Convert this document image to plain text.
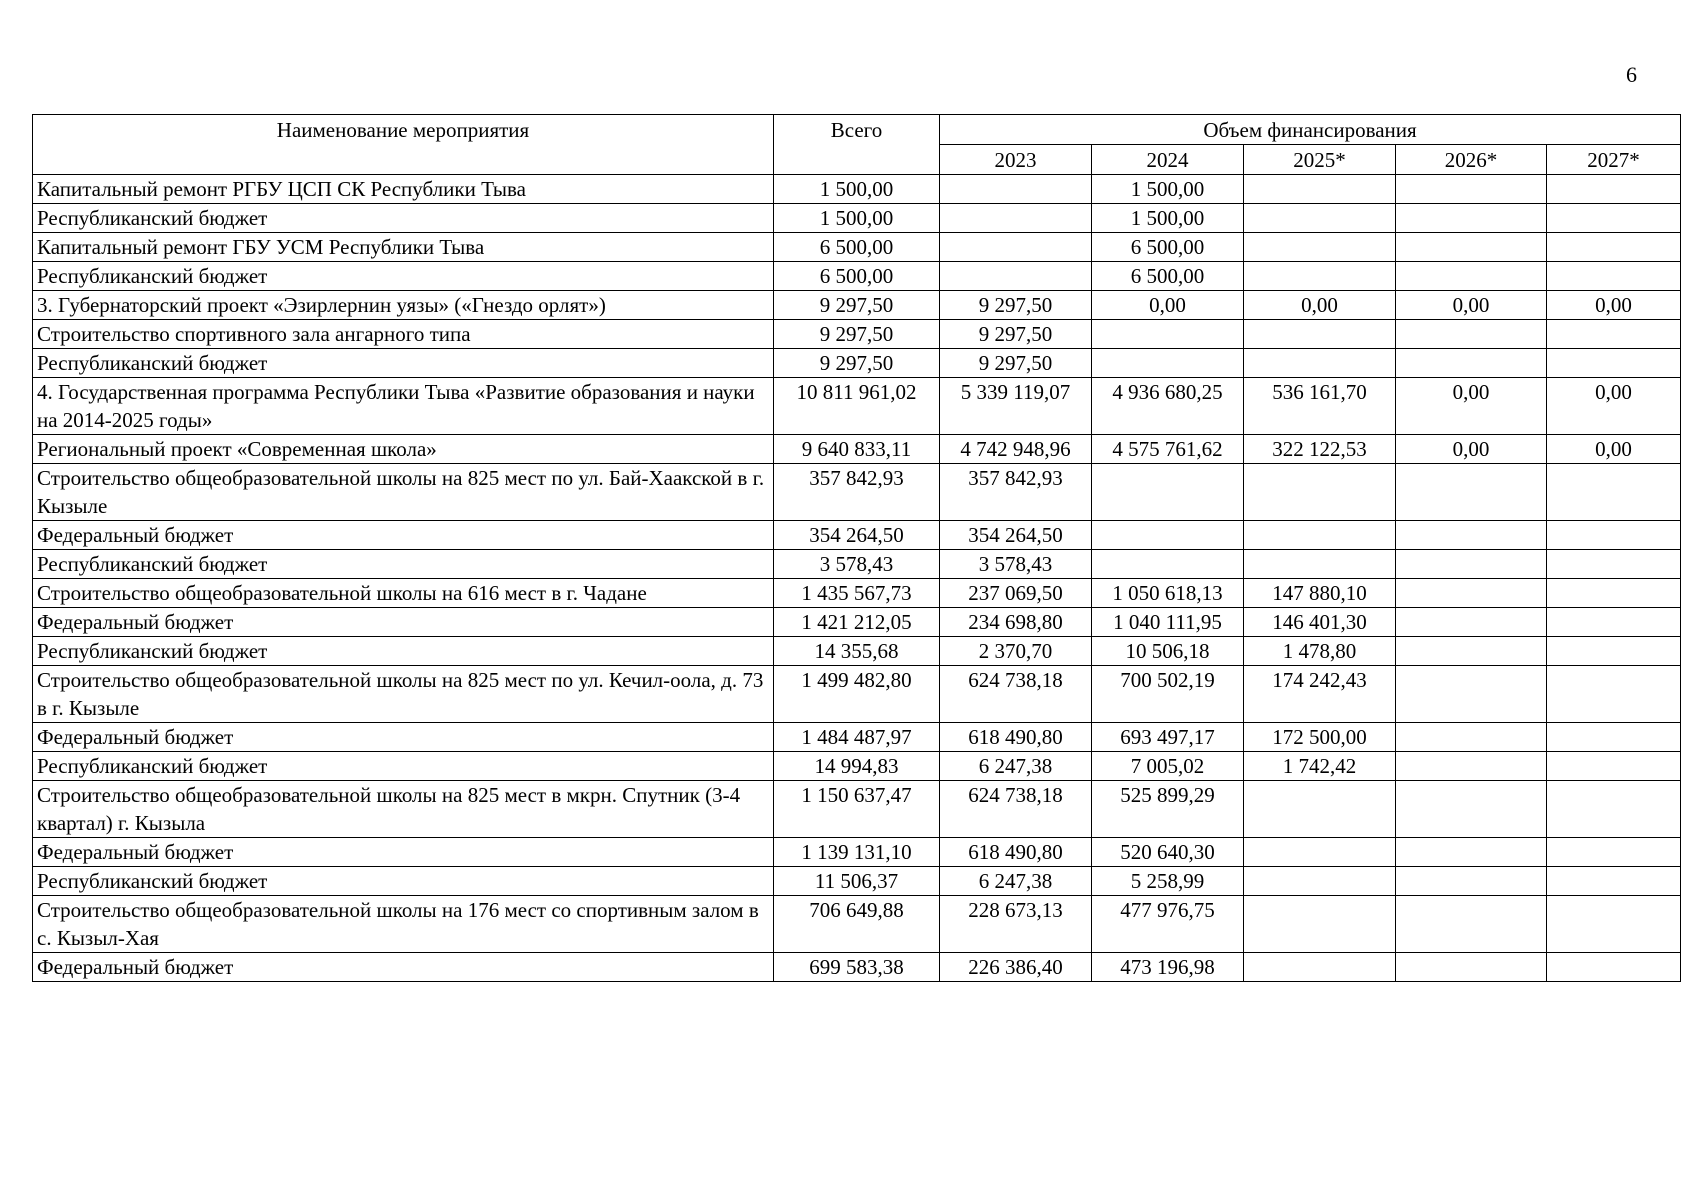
6
Наименование мероприятия	Всего	Объем финансирования				
		2023	2024	2025*	2026*	2027*
Капитальный ремонт РГБУ ЦСП СК Республики Тыва	1 500,00		1 500,00			
Республиканский бюджет	1 500,00		1 500,00			
Капитальный ремонт ГБУ УСМ Республики Тыва	6 500,00		6 500,00			
Республиканский бюджет	6 500,00		6 500,00			
3. Губернаторский проект «Эзирлернин уязы» («Гнездо орлят»)	9 297,50	9 297,50	0,00	0,00	0,00	0,00
Строительство спортивного зала ангарного типа	9 297,50	9 297,50				
Республиканский бюджет	9 297,50	9 297,50				
4. Государственная программа Республики Тыва «Развитие образования и науки на 2014-2025 годы»	10 811 961,02	5 339 119,07	4 936 680,25	536 161,70	0,00	0,00
Региональный проект «Современная школа»	9 640 833,11	4 742 948,96	4 575 761,62	322 122,53	0,00	0,00
Строительство общеобразовательной школы на 825 мест по ул. Бай-Хаакской в г. Кызыле	357 842,93	357 842,93				
Федеральный бюджет	354 264,50	354 264,50				
Республиканский бюджет	3 578,43	3 578,43				
Строительство общеобразовательной школы на 616 мест в г. Чадане	1 435 567,73	237 069,50	1 050 618,13	147 880,10		
Федеральный бюджет	1 421 212,05	234 698,80	1 040 111,95	146 401,30		
Республиканский бюджет	14 355,68	2 370,70	10 506,18	1 478,80		
Строительство общеобразовательной школы на 825 мест по ул. Кечил-оола, д. 73 в г. Кызыле	1 499 482,80	624 738,18	700 502,19	174 242,43		
Федеральный бюджет	1 484 487,97	618 490,80	693 497,17	172 500,00		
Республиканский бюджет	14 994,83	6 247,38	7 005,02	1 742,42		
Строительство общеобразовательной школы на 825 мест в мкрн. Спутник (3-4 квартал) г. Кызыла	1 150 637,47	624 738,18	525 899,29			
Федеральный бюджет	1 139 131,10	618 490,80	520 640,30			
Республиканский бюджет	11 506,37	6 247,38	5 258,99			
Строительство общеобразовательной школы на 176 мест со спортивным залом в с. Кызыл-Хая	706 649,88	228 673,13	477 976,75			
Федеральный бюджет	699 583,38	226 386,40	473 196,98			
